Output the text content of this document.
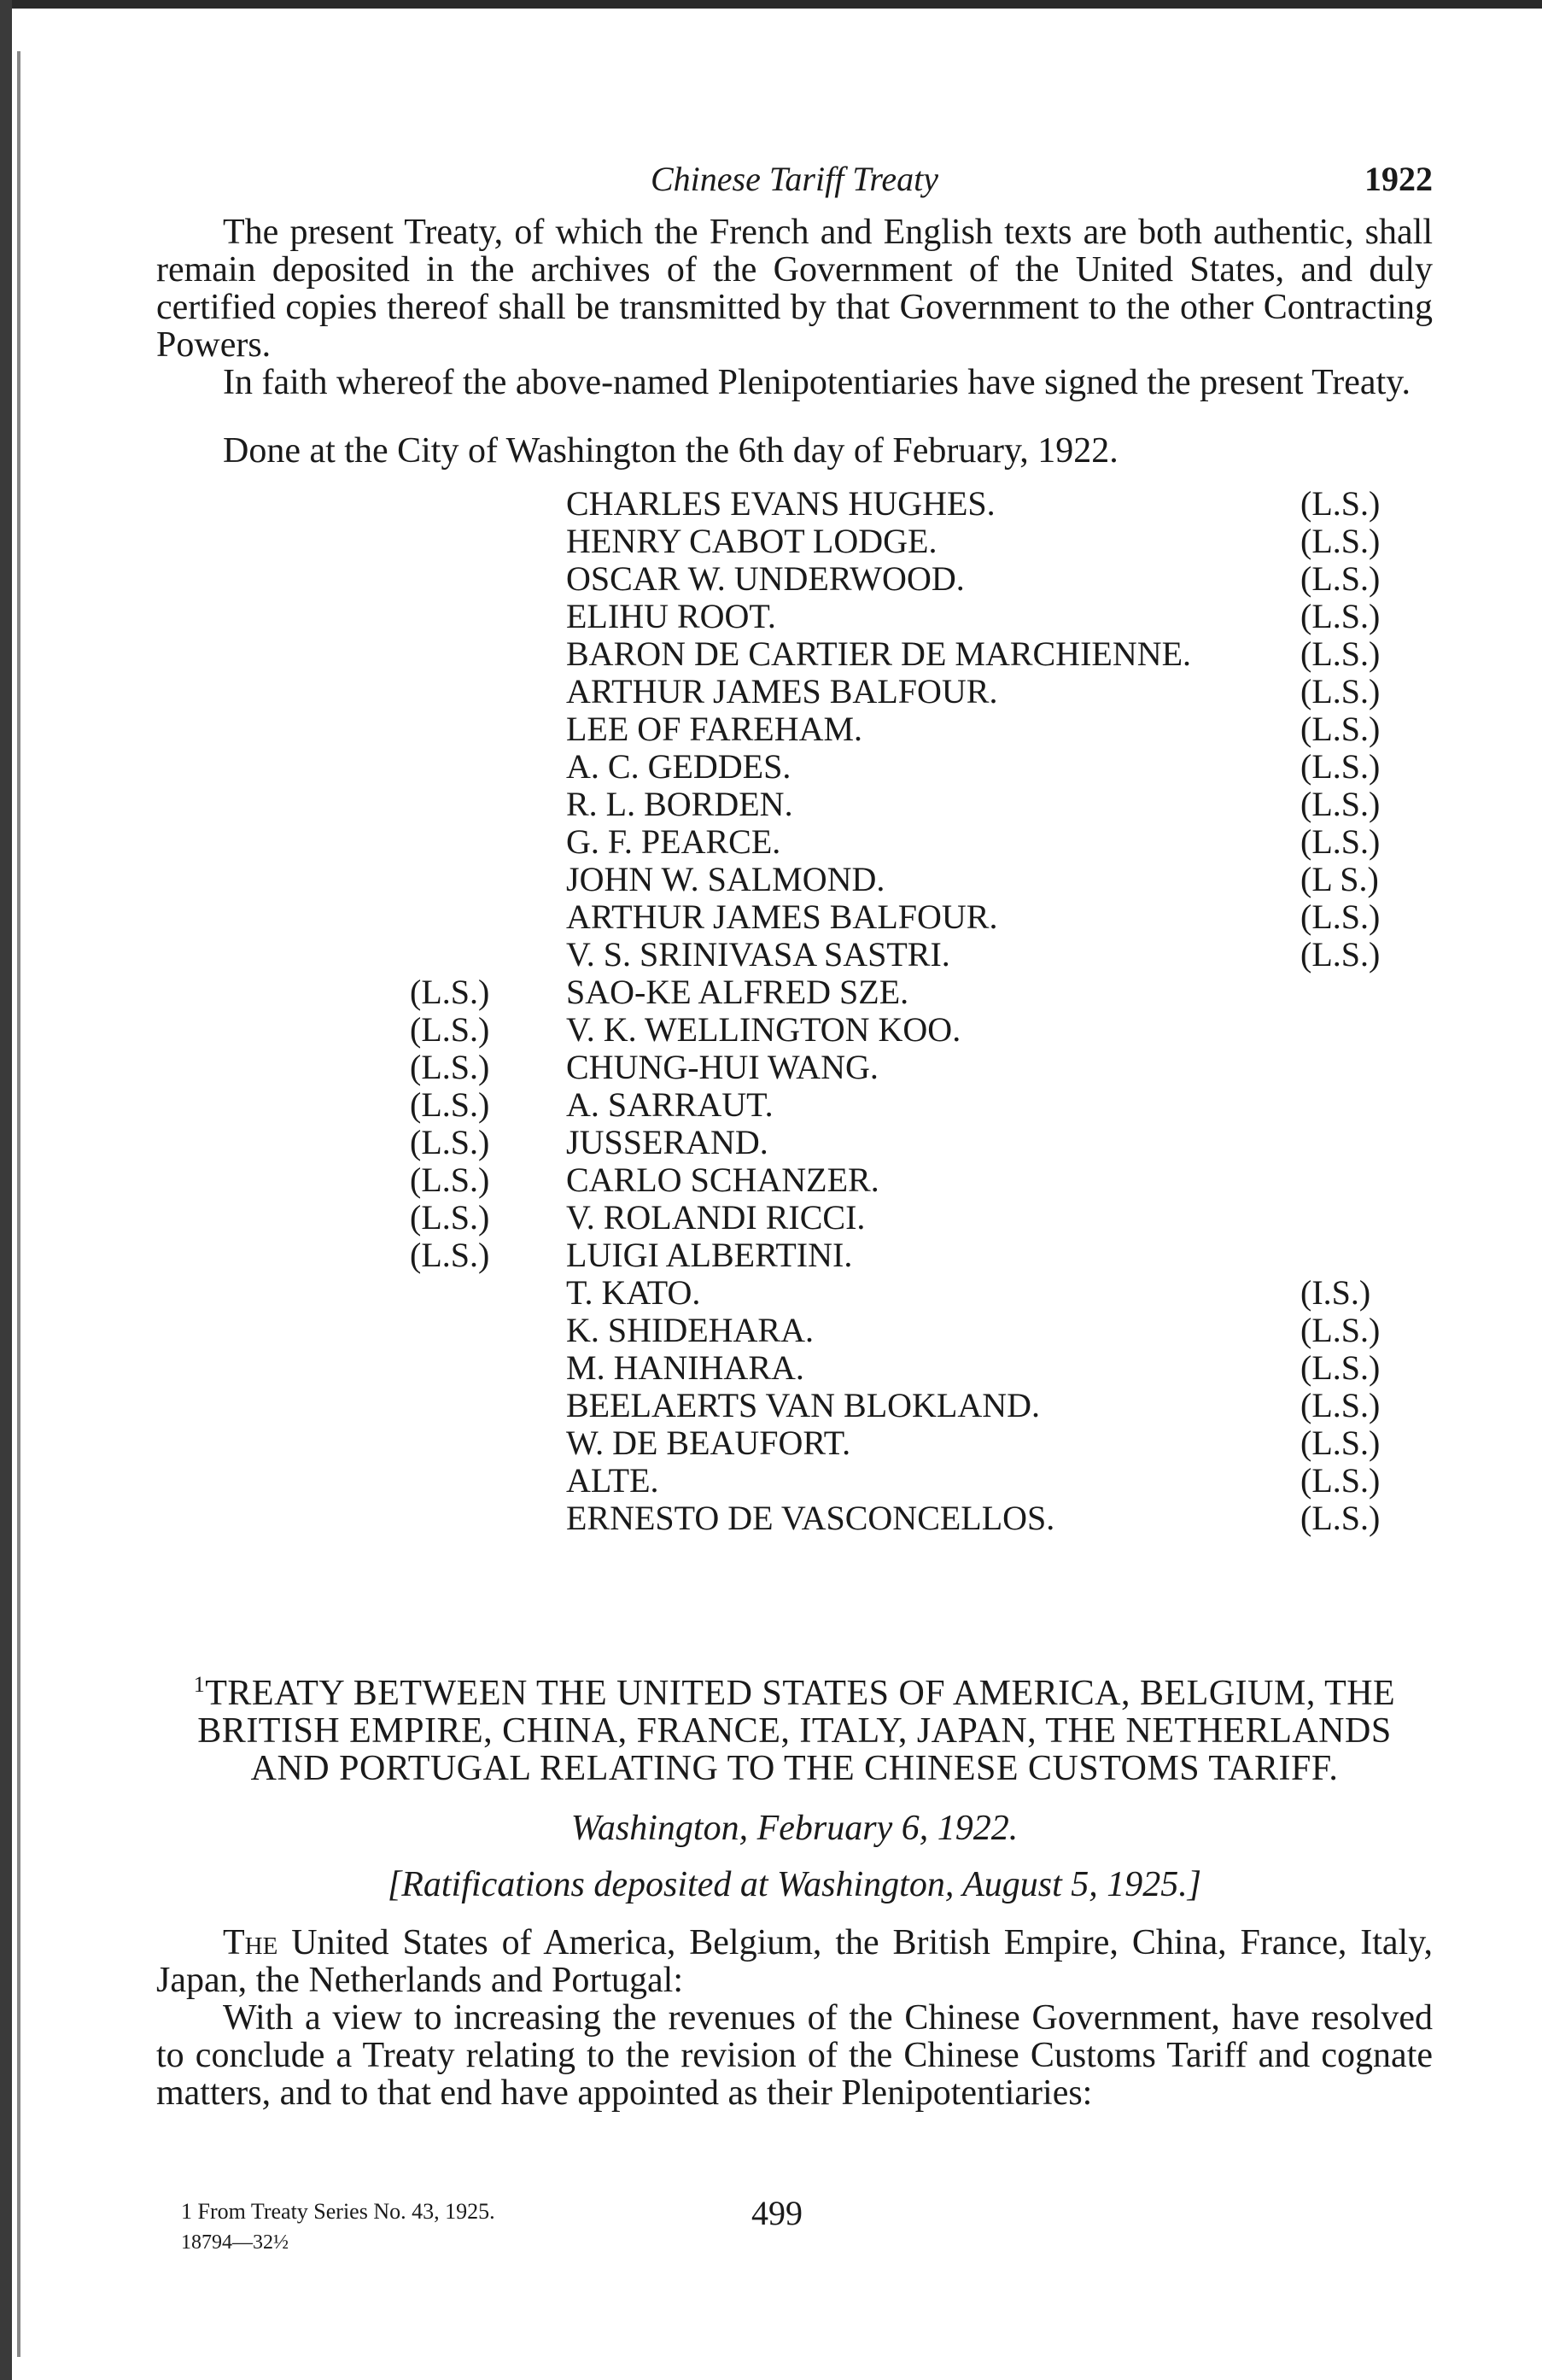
Chinese Tariff Treaty	1922

The present Treaty, of which the French and English texts are both authentic, shall remain deposited in the archives of the Government of the United States, and duly certified copies thereof shall be transmitted by that Government to the other Contracting Powers.

In faith whereof the above-named Plenipotentiaries have signed the present Treaty.

Done at the City of Washington the 6th day of February, 1922.
CHARLES EVANS HUGHES.	(L.S.)
HENRY CABOT LODGE.	(L.S.)
OSCAR W. UNDERWOOD.	(L.S.)
ELIHU ROOT.	(L.S.)
BARON DE CARTIER DE MARCHIENNE.	(L.S.)
ARTHUR JAMES BALFOUR.	(L.S.)
LEE OF FAREHAM.	(L.S.)
A. C. GEDDES.	(L.S.)
R. L. BORDEN.	(L.S.)
G. F. PEARCE.	(L.S.)
JOHN W. SALMOND.	(L S.)
ARTHUR JAMES BALFOUR.	(L.S.)
V. S. SRINIVASA SASTRI.	(L.S.)
(L.S.) SAO-KE ALFRED SZE.
(L.S.) V. K. WELLINGTON KOO.
(L.S.) CHUNG-HUI WANG.
(L.S.) A. SARRAUT.
(L.S.) JUSSERAND.
(L.S.) CARLO SCHANZER.
(L.S.) V. ROLANDI RICCI.
(L.S.) LUIGI ALBERTINI.
T. KATO.	(I.S.)
K. SHIDEHARA.	(L.S.)
M. HANIHARA.	(L.S.)
BEELAERTS VAN BLOKLAND.	(L.S.)
W. DE BEAUFORT.	(L.S.)
ALTE.	(L.S.)
ERNESTO DE VASCONCELLOS.	(L.S.)
$^1$TREATY BETWEEN THE UNITED STATES OF AMERICA, BELGIUM, THE BRITISH EMPIRE, CHINA, FRANCE, ITALY, JAPAN, THE NETHERLANDS AND PORTUGAL RELATING TO THE CHINESE CUSTOMS TARIFF.
Washington, February 6, 1922.
[Ratifications deposited at Washington, August 5, 1925.]

The United States of America, Belgium, the British Empire, China, France, Italy, Japan, the Netherlands and Portugal:

With a view to increasing the revenues of the Chinese Government, have resolved to conclude a Treaty relating to the revision of the Chinese Customs Tariff and cognate matters, and to that end have appointed as their Plenipotentiaries:

499
1 From Treaty Series No. 43, 1925.
18794—32½
